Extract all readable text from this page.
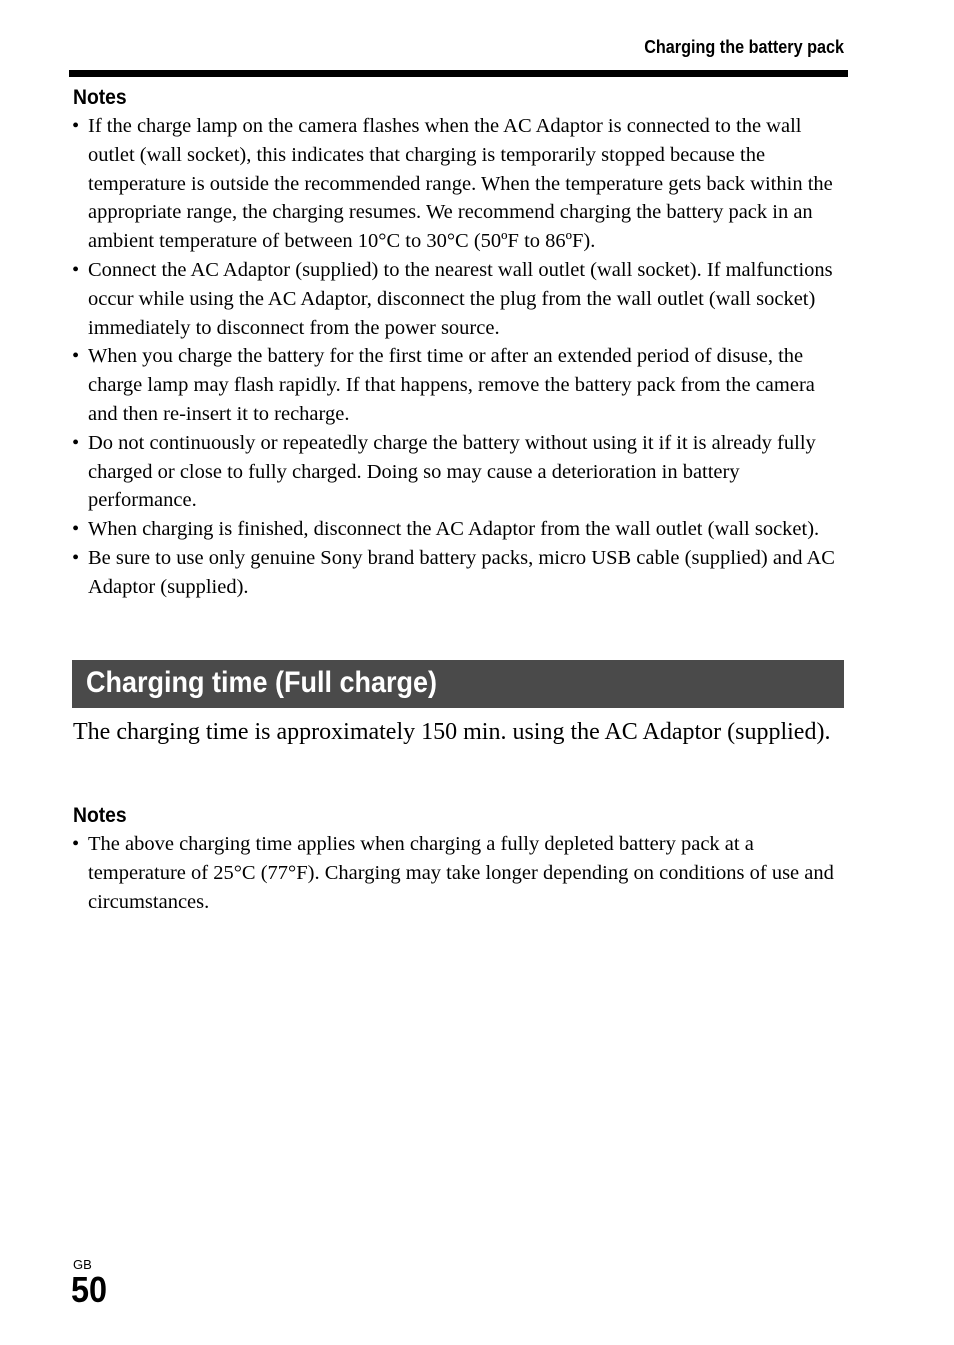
Charging the battery pack
Notes
• If the charge lamp on the camera flashes when the AC Adaptor is connected to the wall outlet (wall socket), this indicates that charging is temporarily stopped because the temperature is outside the recommended range. When the temperature gets back within the appropriate range, the charging resumes. We recommend charging the battery pack in an ambient temperature of between 10°C to 30°C (50ºF to 86ºF).
• Connect the AC Adaptor (supplied) to the nearest wall outlet (wall socket). If malfunctions occur while using the AC Adaptor, disconnect the plug from the wall outlet (wall socket) immediately to disconnect from the power source.
• When you charge the battery for the first time or after an extended period of disuse, the charge lamp may flash rapidly. If that happens, remove the battery pack from the camera and then re-insert it to recharge.
• Do not continuously or repeatedly charge the battery without using it if it is already fully charged or close to fully charged. Doing so may cause a deterioration in battery performance.
• When charging is finished, disconnect the AC Adaptor from the wall outlet (wall socket).
• Be sure to use only genuine Sony brand battery packs, micro USB cable (supplied) and AC Adaptor (supplied).
Charging time (Full charge)

The charging time is approximately 150 min. using the AC Adaptor (supplied).

Notes
• The above charging time applies when charging a fully depleted battery pack at a temperature of 25°C (77°F). Charging may take longer depending on conditions of use and circumstances.
GB
50
